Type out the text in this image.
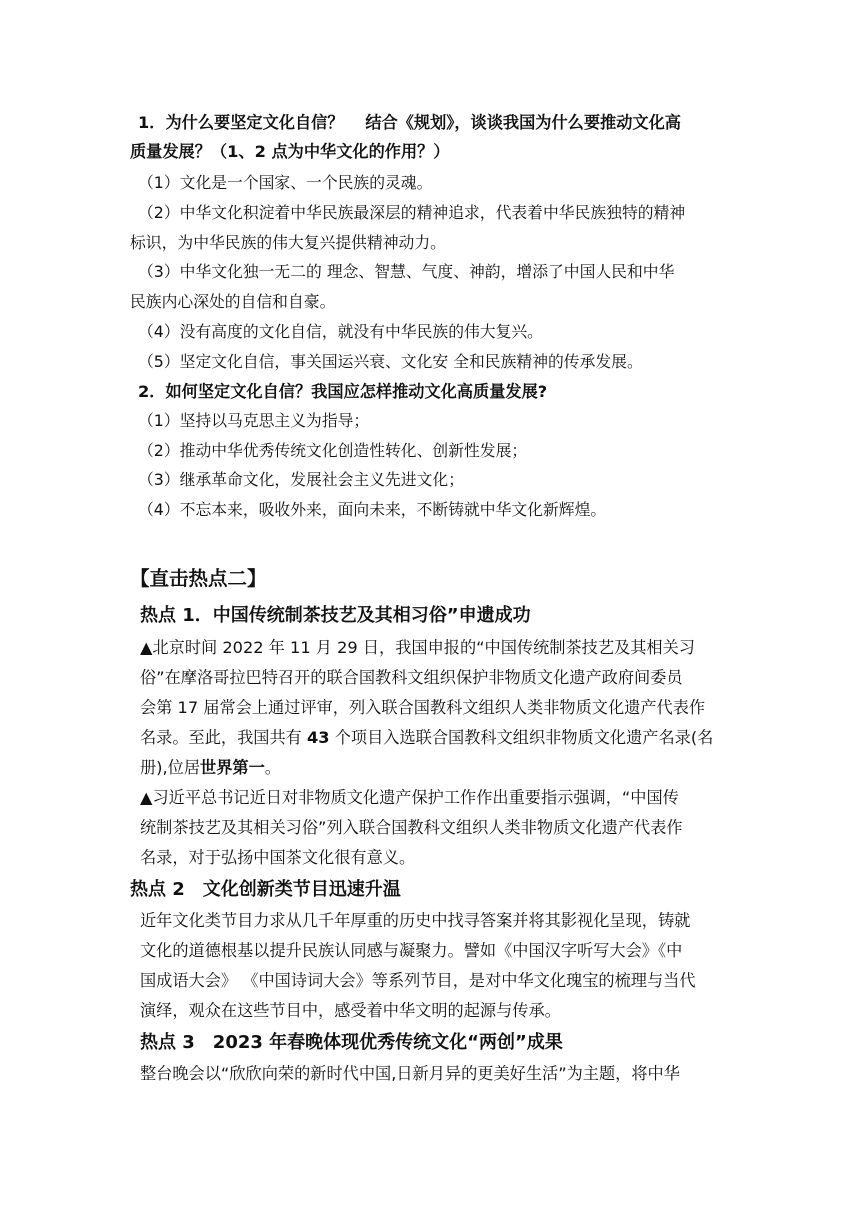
1．为什么要坚定文化自信？　 结合《规划》，谈谈我国为什么要推动文化高
质量发展？（1、2 点为中华文化的作用？）
（1）文化是一个国家、一个民族的灵魂。
（2）中华文化积淀着中华民族最深层的精神追求，代表着中华民族独特的精神
标识，为中华民族的伟大复兴提供精神动力。
（3）中华文化独一无二的 理念、智慧、气度、神韵，增添了中国人民和中华
民族内心深处的自信和自豪。
（4）没有高度的文化自信，就没有中华民族的伟大复兴。
（5）坚定文化自信，事关国运兴衰、文化安 全和民族精神的传承发展。
2．如何坚定文化自信？我国应怎样推动文化高质量发展?
（1）坚持以马克思主义为指导；
（2）推动中华优秀传统文化创造性转化、创新性发展；
（3）继承革命文化，发展社会主义先进文化；
（4）不忘本来，吸收外来，面向未来，不断铸就中华文化新辉煌。
【直击热点二】
热点 1．中国传统制茶技艺及其相习俗”申遗成功
▲北京时间 2022 年 11 月 29 日，我国申报的“中国传统制茶技艺及其相关习
俗”在摩洛哥拉巴特召开的联合国教科文组织保护非物质文化遗产政府间委员
会第 17 届常会上通过评审，列入联合国教科文组织人类非物质文化遗产代表作
名录。至此，我国共有 43 个项目入选联合国教科文组织非物质文化遗产名录(名
册),位居世界第一。
▲习近平总书记近日对非物质文化遗产保护工作作出重要指示强调，“中国传
统制茶技艺及其相关习俗”列入联合国教科文组织人类非物质文化遗产代表作
名录，对于弘扬中国茶文化很有意义。
热点 2　文化创新类节目迅速升温
近年文化类节目力求从几千年厚重的历史中找寻答案并将其影视化呈现，铸就
文化的道德根基以提升民族认同感与凝聚力。譬如《中国汉字听写大会》《中
国成语大会》 《中国诗词大会》等系列节目，是对中华文化瑰宝的梳理与当代
演绎，观众在这些节目中，感受着中华文明的起源与传承。
热点 3　2023 年春晚体现优秀传统文化“两创”成果
整台晚会以“欣欣向荣的新时代中国,日新月异的更美好生活”为主题，将中华
